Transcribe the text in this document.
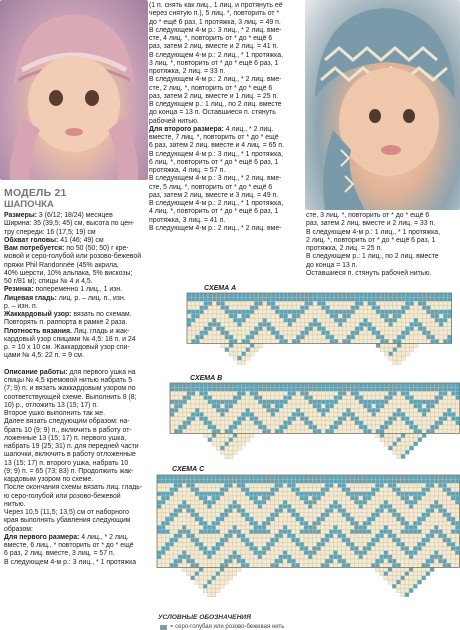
МОДЕЛЬ 21
ШАПОЧКА
Размеры: 3 (6/12; 18/24) месяцев
Ширина: 35 (39,5; 45) см, высота по цен-
тру спереди: 16 (17,5; 19) см
Обхват головы: 41 (46; 49) см
Вам потребуется: по 50 (50; 50) г кре-
мовой и серо-голубой или розово-бежевой
пряжи Phil Randonnée (45% акрила,
40% шерсти, 10% альпака, 5% вискозы;
50 г/81 м); спицы № 4 и 4,5.
Резинка: попеременно 1 лиц., 1 изн.
Лицевая гладь: лиц. р. – лиц. п., изн.
р. – изн. п.
Жаккардовый узор: вязать по схемам.
Повторять п. раппорта в рамке 2 раза.
Плотность вязания. Лиц. гладь и жак-
кардовый узор спицами № 4,5: 18 п. и 24
р. = 10 х 10 см. Жаккардовый узор спи-
цами № 4,5: 22 п. = 9 см.

Описание работы: для первого ушка на
спицы № 4,5 кремовой нитью набрать 5
(7; 9) п. и вязать жаккардовым узором по
соответствующей схеме. Выполнить 8 (8;
10) р., отложить 13 (15; 17) п.
Второе ушко выполнить так же.
Далее вязать следующим образом: на-
брать 10 (9; 9) п., включить в работу от-
ложенные 13 (15; 17) п. первого ушка,
набрать 19 (25; 31) п. для передней части
шапочки, включить в работу отложенные
13 (15; 17) п. второго ушка, набрать 10
(9; 9) п. = 65 (73; 83) п. Продолжить жак-
кардовым узором по схеме.
После окончания схемы вязать лиц. гладь-
ю серо-голубой или розово-бежевой
нитью.
Через 10,5 (11,5; 13,5) см от наборного
края выполнять убавления следующим
образом:
Для первого размера: 4 лиц., * 2 лиц.
вместе, 6 лиц., * повторить от * до * ещё
6 раз, 2 лиц. вместе, 3 лиц. = 57 п.
В следующем 4-м р.: 3 лиц., * 1 протяжка
(1 п. снять как лиц., 1 лиц. и протянуть её
через снятую п.), 5 лиц. *, повторить от *
до * ещё 6 раз, 1 протяжка, 3 лиц. = 49 п.
В следующем 4-м р.: 3 лиц., * 2 лиц. вме-
сте, 4 лиц. *, повторить от * до * ещё 6
раз, затем 2 лиц. вместе и 2 лиц. = 41 п.
В следующем 4-м р.: 2 лиц., * 1 протяжка,
3 лиц. *, повторить от * до * ещё 6 раз, 1
протяжка, 2 лиц. = 33 п.
В следующем 4-м р.: 2 лиц., * 2 лиц. вме-
сте, 2 лиц. *, повторить от * до * ещё 6
раз, затем 2 лиц. вместе и 1 лиц. = 25 п.
В следующем р.: 1 лиц., по 2 лиц. вместе
до конца = 13 п. Оставшиеся п. стянуть
рабочей нитью.
Для второго размера: 4 лиц., * 2 лиц.
вместе, 7 лиц. *, повторить от * до * ещё
6 раз, затем 2 лиц. вместе и 4 лиц. = 65 п.
В следующем 4-м р.: 3 лиц., * 1 протяжка,
6 лиц. *, повторить от * до * ещё 6 раз, 1
протяжка, 4 лиц. = 57 п.
В следующем 4-м р.: 3 лиц., * 2 лиц. вме-
сте, 5 лиц. *, повторить от * до * ещё 6
раз, затем 2 лиц. вместе и 3 лиц. = 49 п.
В следующем 4-м р.: 2 лиц., * 1 протяжка,
4 лиц. *, повторить от * до * ещё 6 раз, 1
протяжка, 3 лиц. = 41 п.
В следующем 4-м р.: 2 лиц., * 2 лиц. вме-
сте, 3 лиц. *, повторить от * до * ещё 6
раз, затем 2 лиц. вместе и 2 лиц. = 33 п.
В следующем 4-м р.: 1 лиц., * 1 протяжка,
2 лиц. *, повторить от * до * ещё 6 раз, 1
протяжка, 2 лиц. = 25 п.
В следующем р.: 1 лиц., по 2 лиц. вместе
до конца = 13 п.
Оставшиеся п. стянуть рабочей нитью.
СХЕМА A
СХЕМА B
СХЕМА C
УСЛОВНЫЕ ОБОЗНАЧЕНИЯ
= серо-голубая или розово-бежевая нить
